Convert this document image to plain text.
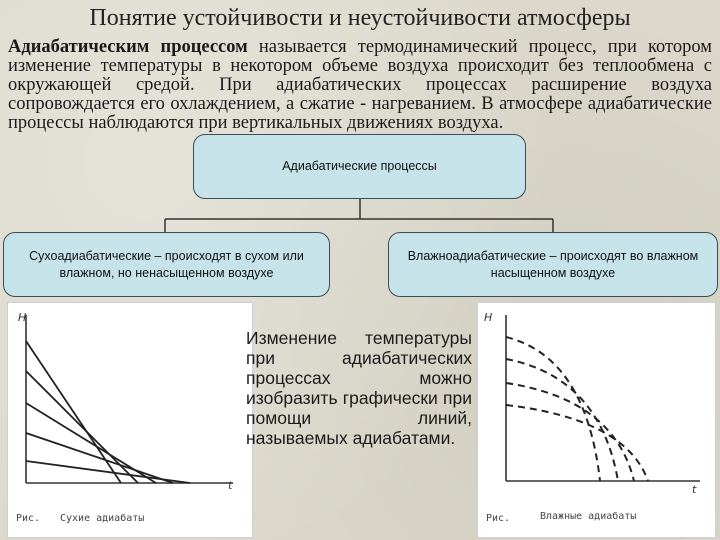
Понятие устойчивости и неустойчивости атмосферы
Адиабатическим процессом называется термодинамический процесс, при котором изменение температуры в некотором объеме воздуха происходит без теплообмена с окружающей средой. При адиабатических процессах расширение воздуха сопровождается его охлаждением, а сжатие - нагреванием. В атмосфере адиабатические процессы наблюдаются при вертикальных движениях воздуха.
Адиабатические процессы
Сухоадиабатические – происходят в сухом или влажном, но ненасыщенном воздухе
Влажноадиабатические – происходят во влажном насыщенном воздухе
H
t
Рис. Сухие адиабаты
Изменение температуры при адиабатических процессах можно изобразить графически при помощи линий, называемых адиабатами.
H
t
Рис.	Влажные адиабаты
